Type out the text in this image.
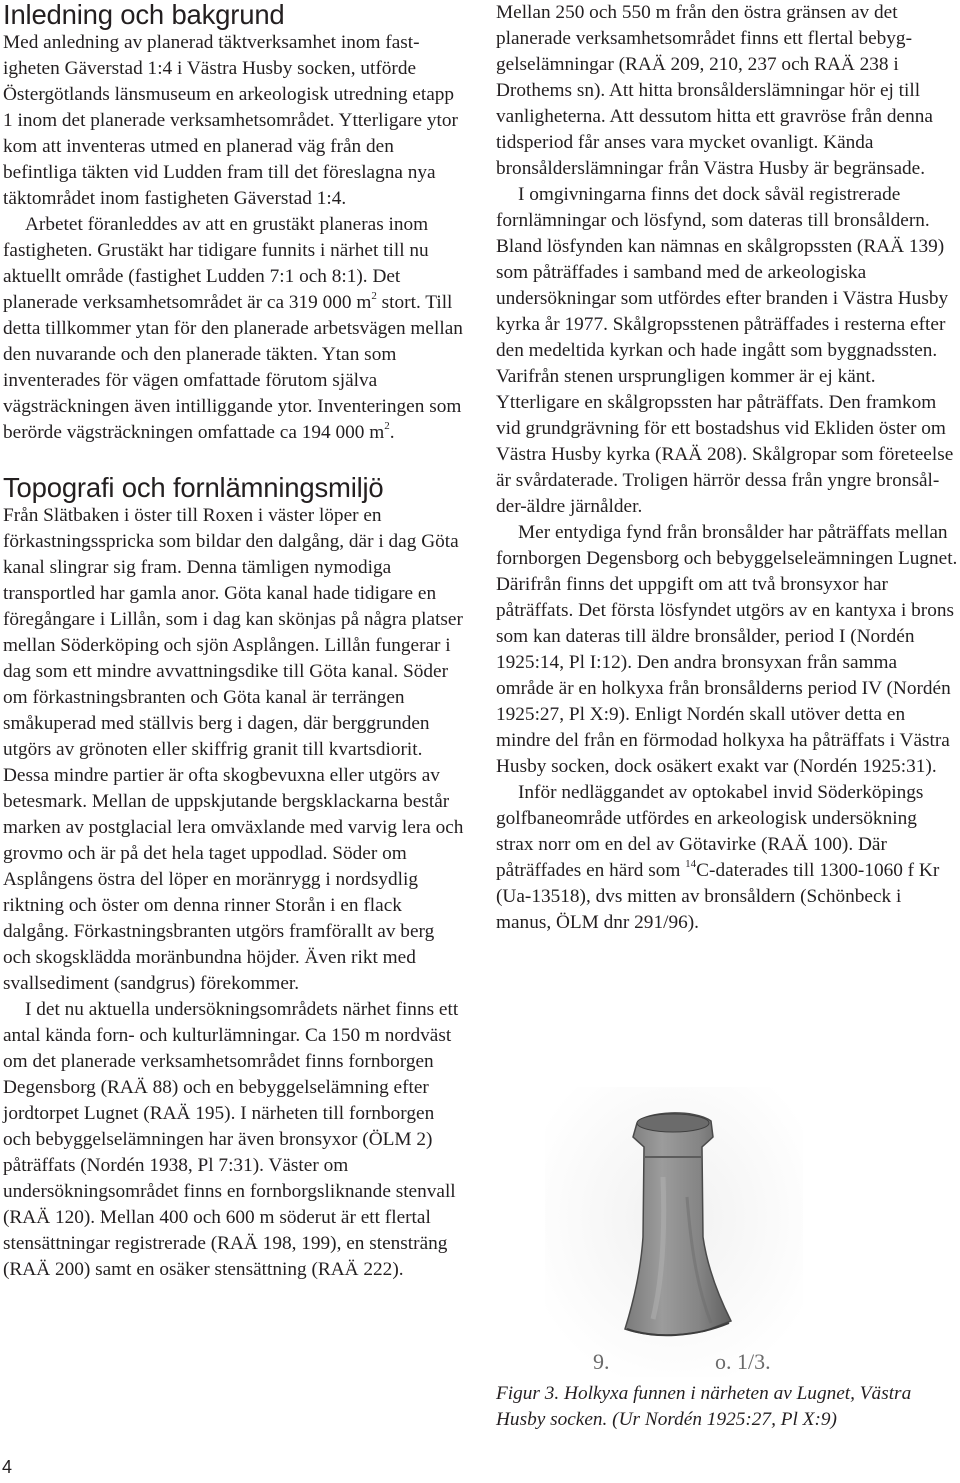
Inledning och bakgrund

Med anledning av planerad täktverksamhet inom fastigheten Gäverstad 1:4 i Västra Husby socken, utförde Östergötlands länsmuseum en arkeologisk utredning etapp 1 inom det planerade verksamhetsområdet. Ytterligare ytor kom att inventeras utmed en planerad väg från den befintliga täkten vid Ludden fram till det föreslagna nya täktområdet inom fastigheten Gäverstad 1:4.

Arbetet föranleddes av att en grustäkt planeras inom fastigheten. Grustäkt har tidigare funnits i närhet till nu aktuellt område (fastighet Ludden 7:1 och 8:1). Det planerade verksamhetsområdet är ca 319 000 $m^2$ stort. Till detta tillkommer ytan för den planerade arbetsvägen mellan den nuvarande och den planerade täkten. Ytan som inventerades för vägen omfattade förutom själva vägsträckningen även intilliggande ytor. Inventeringen som berörde vägsträckningen omfattade ca 194 000 $m^2$.

Topografi och fornlämningsmiljö

Från Slätbaken i öster till Roxen i väster löper en förkastningsspricka som bildar den dalgång, där i dag Göta kanal slingrar sig fram. Denna tämligen nymodiga transportled har gamla anor. Göta kanal hade tidigare en föregångare i Lillån, som i dag kan skönjas på några platser mellan Söderköping och sjön Asplången. Lillån fungerar i dag som ett mindre avvattningsdike till Göta kanal. Söder om förkastningsbranten och Göta kanal är terrängen småkuperad med ställvis berg i dagen, där berggrunden utgörs av grönoten eller skiffrig granit till kvartsdiorit. Dessa mindre partier är ofta skogbevuxna eller utgörs av betesmark. Mellan de uppskjutande bergsklackarna består marken av postglacial lera omväxlande med varvig lera och grovmo och är på det hela taget uppodlad. Söder om Asplångens östra del löper en moränrygg i nordsydlig riktning och öster om denna rinner Storån i en flack dalgång. Förkastningsbranten utgörs framförallt av berg och skogsklädda moränbundna höjder. Även rikt med svallsediment (sandgrus) förekommer.

I det nu aktuella undersökningsområdets närhet finns ett antal kända forn- och kulturlämningar. Ca 150 m nordväst om det planerade verksamhetsområdet finns fornborgen Degensborg (RAÄ 88) och en bebyggelselämning efter jordtorpet Lugnet (RAÄ 195). I närheten till fornborgen och bebyggelselämningen har även bronsyxor (ÖLM 2) påträffats (Nordén 1938, Pl 7:31). Väster om undersökningsområdet finns en fornborgsliknande stenvall (RAÄ 120). Mellan 400 och 600 m söderut är ett flertal stensättningar registrerade (RAÄ 198, 199), en stensträng (RAÄ 200) samt en osäker stensättning (RAÄ 222).

Mellan 250 och 550 m från den östra gränsen av det planerade verksamhetsområdet finns ett flertal bebyggelselämningar (RAÄ 209, 210, 237 och RAÄ 238 i Drothems sn). Att hitta bronsålderslämningar hör ej till vanligheterna. Att dessutom hitta ett gravröse från denna tidsperiod får anses vara mycket ovanligt. Kända bronsålderslämningar från Västra Husby är begränsade.

I omgivningarna finns det dock såväl registrerade fornlämningar och lösfynd, som dateras till bronsåldern. Bland lösfynden kan nämnas en skålgropssten (RAÄ 139) som påträffades i samband med de arkeologiska undersökningar som utfördes efter branden i Västra Husby kyrka år 1977. Skålgropsstenen påträffades i resterna efter den medeltida kyrkan och hade ingått som byggnadssten. Varifrån stenen ursprungligen kommer är ej känt. Ytterligare en skålgropssten har påträffats. Den framkom vid grundgrävning för ett bostadshus vid Ekliden öster om Västra Husby kyrka (RAÄ 208). Skålgropar som företeelse är svårdaterade. Troligen härrör dessa från yngre bronsålder-äldre järnålder.

Mer entydiga fynd från bronsålder har påträffats mellan fornborgen Degensborg och bebyggelseleämningen Lugnet. Därifrån finns det uppgift om att två bronsyxor har påträffats. Det första lösfyndet utgörs av en kantyxa i brons som kan dateras till äldre bronsålder, period I (Nordén 1925:14, Pl I:12). Den andra bronsyxan från samma område är en holkyxa från bronsålderns period IV (Nordén 1925:27, Pl X:9). Enligt Nordén skall utöver detta en mindre del från en förmodad holkyxa ha påträffats i Västra Husby socken, dock osäkert exakt var (Nordén 1925:31).

Inför nedläggandet av optokabel invid Söderköpings golfbaneområde utfördes en arkeologisk undersökning strax norr om en del av Götavirke (RAÄ 100). Där påträffades en härd som $^{14}$C-daterades till 1300-1060 f Kr (Ua-13518), dvs mitten av bronsåldern (Schönbeck i manus, ÖLM dnr 291/96).

9.	o. 1/3.

Figur 3. Holkyxa funnen i närheten av Lugnet, Västra Husby socken. (Ur Nordén 1925:27, Pl X:9)

4
